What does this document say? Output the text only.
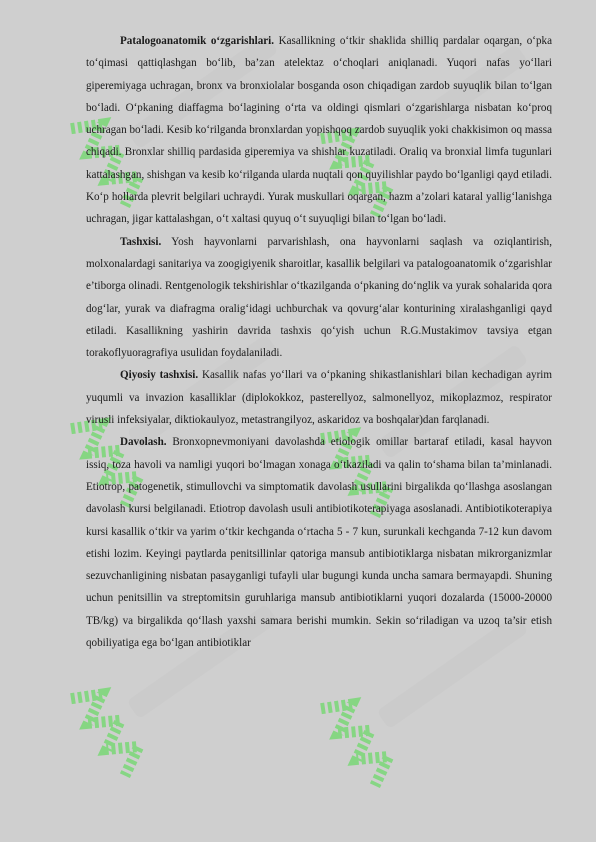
Patalogoanatomik o‘zgarishlari. Kasallikning o‘tkir shaklida shilliq pardalar oqargan, o‘pka to‘qimasi qattiqlashgan bo‘lib, ba’zan atelektaz o‘choqlari aniqlanadi. Yuqori nafas yo‘llari giperemiyaga uchragan, bronx va bronxiolalar bosganda oson chiqadigan zardob suyuqlik bilan to‘lgan bo‘ladi. O‘pkaning diaffagma bo‘lagining o‘rta va oldingi qismlari o‘zgarishlarga nisbatan ko‘proq uchragan bo‘ladi. Kesib ko‘rilganda bronxlardan yopishqoq zardob suyuqlik yoki chakkisimon oq massa chiqadi. Bronxlar shilliq pardasida giperemiya va shishlar kuzatiladi. Oraliq va bronxial limfa tugunlari kattalashgan, shishgan va kesib ko‘rilganda ularda nuqtali qon quyilishlar paydo bo‘lganligi qayd etiladi. Ko‘p hollarda plevrit belgilari uchraydi. Yurak muskullari oqargan, hazm a’zolari kataral yallig‘lanishga uchragan, jigar kattalashgan, o‘t xaltasi quyuq o‘t suyuqligi bilan to‘lgan bo‘ladi.

Tashxisi. Yosh hayvonlarni parvarishlash, ona hayvonlarni saqlash va oziqlantirish, molxonalardagi sanitariya va zoogigiyenik sharoitlar, kasallik belgilari va patalogoanatomik o‘zgarishlar e’tiborga olinadi. Rentgenologik tekshirishlar o‘tkazilganda o‘pkaning do‘nglik va yurak sohalarida qora dog‘lar, yurak va diafragma oralig‘idagi uchburchak va qovurg‘alar konturining xiralashganligi qayd etiladi. Kasallikning yashirin davrida tashxis qo‘yish uchun R.G.Mustakimov tavsiya etgan torakoflyuoragrafiya usulidan foydalaniladi.

Qiyosiy tashxisi. Kasallik nafas yo‘llari va o‘pkaning shikastlanishlari bilan kechadigan ayrim yuqumli va invazion kasalliklar (diplokokkoz, pasterellyoz, salmonellyoz, mikoplazmoz, respirator virusli infeksiyalar, diktiokaulyoz, metastrangilyoz, askaridoz va boshqalar)dan farqlanadi.

Davolash. Bronxopnevmoniyani davolashda etiologik omillar bartaraf etiladi, kasal hayvon issiq, toza havoli va namligi yuqori bo‘lmagan xonaga o‘tkaziladi va qalin to‘shama bilan ta’minlanadi. Etiotrop, patogenetik, stimullovchi va simptomatik davolash usullarini birgalikda qo‘llashga asoslangan davolash kursi belgilanadi. Etiotrop davolash usuli antibiotikoterapiyaga asoslanadi. Antibiotikoterapiya kursi kasallik o‘tkir va yarim o‘tkir kechganda o‘rtacha 5 - 7 kun, surunkali kechganda 7-12 kun davom etishi lozim. Keyingi paytlarda penitsillinlar qatoriga mansub antibiotiklarga nisbatan mikrorganizmlar sezuvchanligining nisbatan pasayganligi tufayli ular bugungi kunda uncha samara bermayapdi. Shuning uchun penitsillin va streptomitsin guruhlariga mansub antibiotiklarni yuqori dozalarda (15000-20000 TB/kg) va birgalikda qo‘llash yaxshi samara berishi mumkin. Sekin so‘riladigan va uzoq ta’sir etish qobiliyatiga ega bo‘lgan antibiotiklar
